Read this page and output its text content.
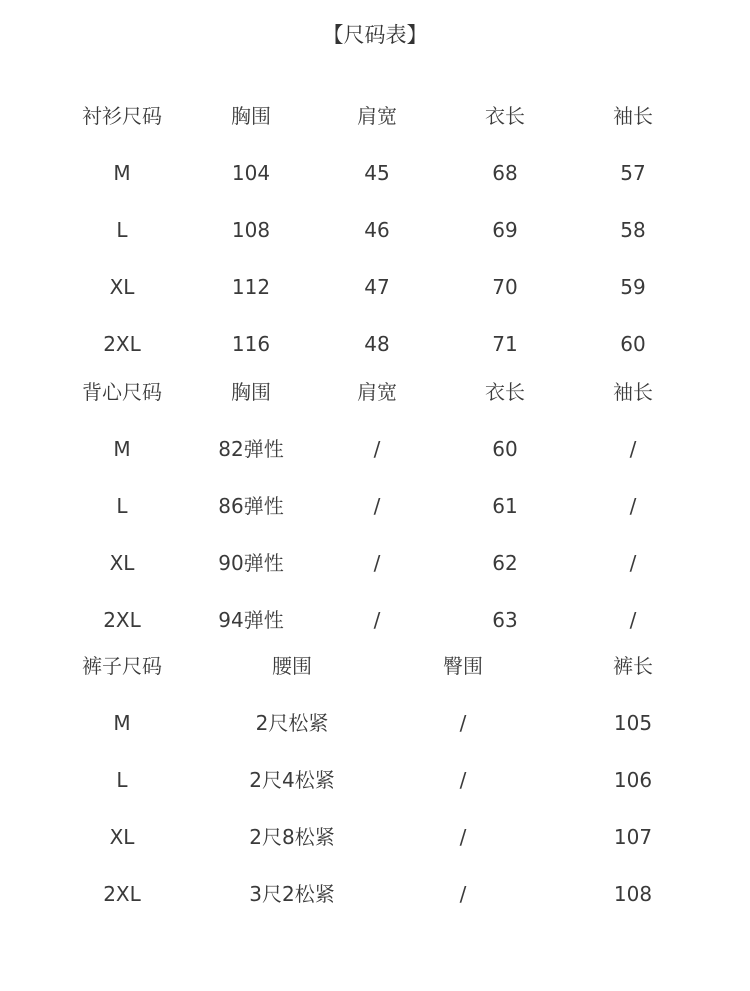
【尺码表】
衬衫尺码	胸围	肩宽	衣长	袖长
M	104	45	68	57
L	108	46	69	58
XL	112	47	70	59
2XL	116	48	71	60
背心尺码	胸围	肩宽	衣长	袖长
M	82弹性	/	60	/
L	86弹性	/	61	/
XL	90弹性	/	62	/
2XL	94弹性	/	63	/
裤子尺码	腰围	臀围	裤长
M	2尺松紧	/	105
L	2尺4松紧	/	106
XL	2尺8松紧	/	107
2XL	3尺2松紧	/	108
